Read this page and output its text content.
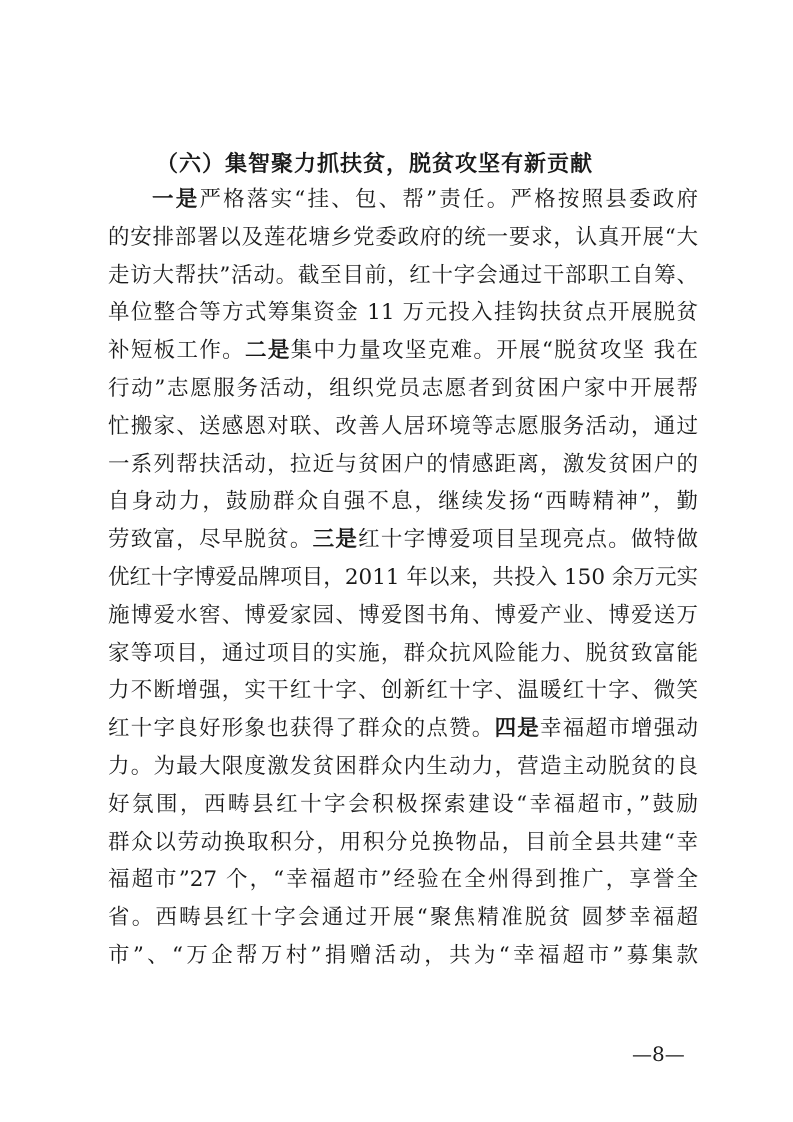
（六）集智聚力抓扶贫，脱贫攻坚有新贡献
一是严格落实“挂、包、帮”责任。严格按照县委政府
的安排部署以及莲花塘乡党委政府的统一要求，认真开展“大
走访大帮扶”活动。截至目前，红十字会通过干部职工自筹、
单位整合等方式筹集资金 11 万元投入挂钩扶贫点开展脱贫
补短板工作。二是集中力量攻坚克难。开展“脱贫攻坚 我在
行动”志愿服务活动，组织党员志愿者到贫困户家中开展帮
忙搬家、送感恩对联、改善人居环境等志愿服务活动，通过
一系列帮扶活动，拉近与贫困户的情感距离，激发贫困户的
自身动力，鼓励群众自强不息，继续发扬“西畴精神”，勤
劳致富，尽早脱贫。三是红十字博爱项目呈现亮点。做特做
优红十字博爱品牌项目，2011 年以来，共投入 150 余万元实
施博爱水窖、博爱家园、博爱图书角、博爱产业、博爱送万
家等项目，通过项目的实施，群众抗风险能力、脱贫致富能
力不断增强，实干红十字、创新红十字、温暖红十字、微笑
红十字良好形象也获得了群众的点赞。四是幸福超市增强动
力。为最大限度激发贫困群众内生动力，营造主动脱贫的良
好氛围，西畴县红十字会积极探索建设“幸福超市，”鼓励
群众以劳动换取积分，用积分兑换物品，目前全县共建“幸
福超市”27 个，“幸福超市”经验在全州得到推广，享誉全
省。西畴县红十字会通过开展“聚焦精准脱贫 圆梦幸福超
市”、“万企帮万村”捐赠活动，共为“幸福超市”募集款
—8—
